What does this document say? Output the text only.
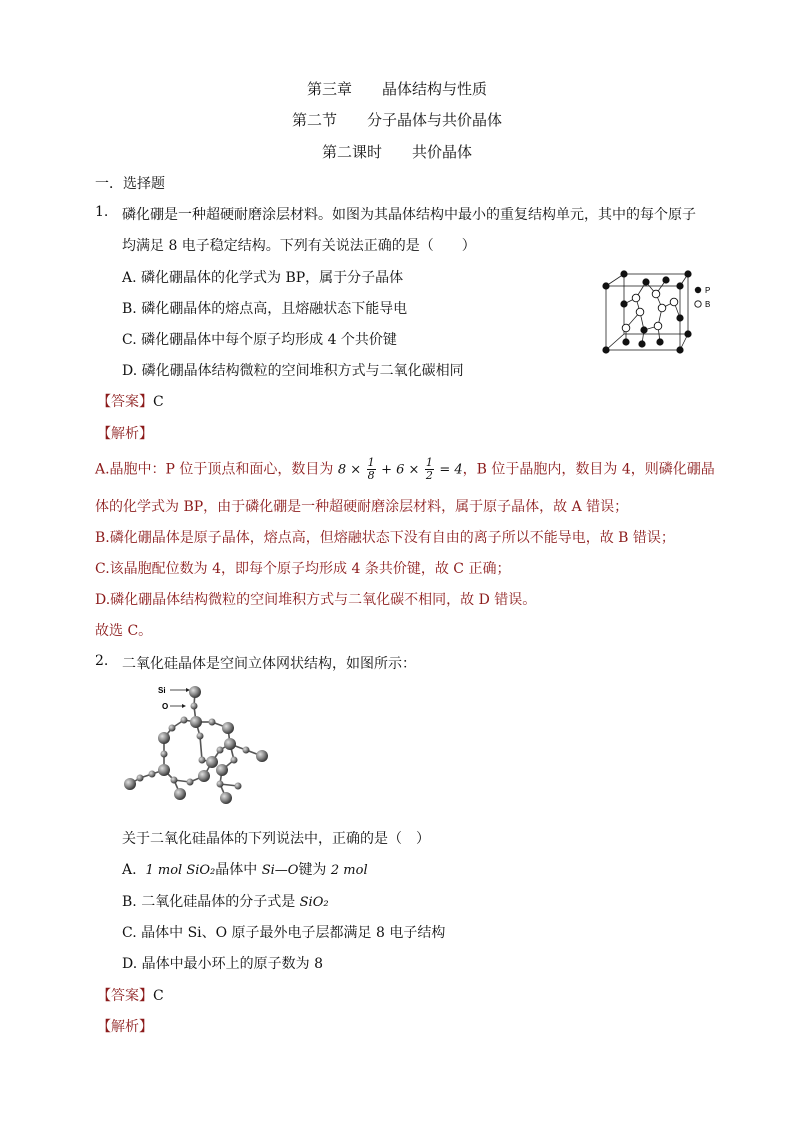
第三章　　晶体结构与性质
第二节　　分子晶体与共价晶体
第二课时　　共价晶体
一．选择题
1. 磷化硼是一种超硬耐磨涂层材料。如图为其晶体结构中最小的重复结构单元，其中的每个原子
均满足 8 电子稳定结构。下列有关说法正确的是（　　）
A. 磷化硼晶体的化学式为 BP，属于分子晶体
B. 磷化硼晶体的熔点高，且熔融状态下能导电
C. 磷化硼晶体中每个原子均形成 4 个共价键
D. 磷化硼晶体结构微粒的空间堆积方式与二氧化碳相同
P
B
【答案】C
【解析】
A.晶胞中：P 位于顶点和面心，数目为 $8 \times \frac{1}{8} + 6 \times \frac{1}{2} = 4$，B 位于晶胞内，数目为 4，则磷化硼晶
体的化学式为 BP，由于磷化硼是一种超硬耐磨涂层材料，属于原子晶体，故 A 错误；
B.磷化硼晶体是原子晶体，熔点高，但熔融状态下没有自由的离子所以不能导电，故 B 错误；
C.该晶胞配位数为 4，即每个原子均形成 4 条共价键，故 C 正确；
D.磷化硼晶体结构微粒的空间堆积方式与二氧化碳不相同，故 D 错误。
故选 C。
2. 二氧化硅晶体是空间立体网状结构，如图所示：
Si
O
关于二氧化硅晶体的下列说法中，正确的是（　）
A. 1 mol SiO₂晶体中 Si—O键为 2 mol
B. 二氧化硅晶体的分子式是 SiO₂
C. 晶体中 Si、O 原子最外电子层都满足 8 电子结构
D. 晶体中最小环上的原子数为 8
【答案】C
【解析】
